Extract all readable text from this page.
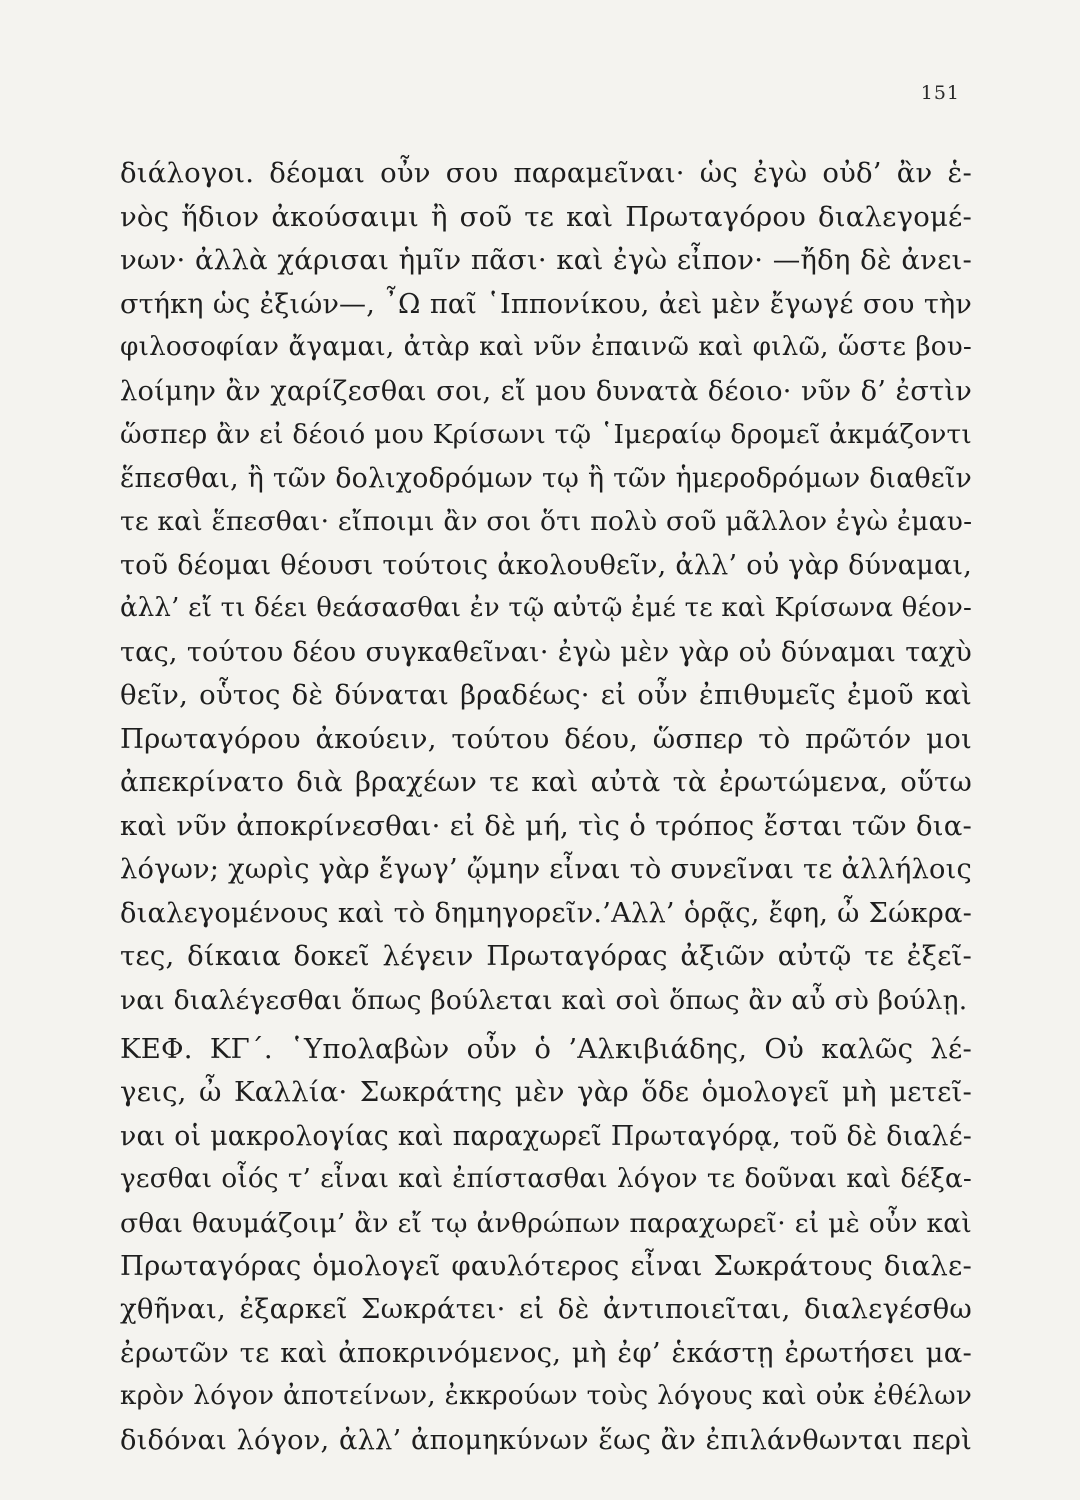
151
διάλογοι. δέομαι οὖν σου παραμεῖναι· ὡς ἐγὼ οὐδ’ ἂν ἑ-
νὸς ἥδιον ἀκούσαιμι ἢ σοῦ τε καὶ Πρωταγόρου διαλεγομέ-
νων· ἀλλὰ χάρισαι ἡμῖν πᾶσι· καὶ ἐγὼ εἶπον· —ἤδη δὲ ἀνει-
στήκη ὡς ἐξιών—, ῏Ω παῖ ῾Ιππονίκου, ἀεὶ μὲν ἔγωγέ σου τὴν
φιλοσοφίαν ἄγαμαι, ἀτὰρ καὶ νῦν ἐπαινῶ καὶ φιλῶ, ὥστε βου-
λοίμην ἂν χαρίζεσθαι σοι, εἴ μου δυνατὰ δέοιο· νῦν δ’ ἐστὶν
ὥσπερ ἂν εἰ δέοιό μου Κρίσωνι τῷ ῾Ιμεραίῳ δρομεῖ ἀκμάζοντι
ἕπεσθαι, ἢ τῶν δολιχοδρόμων τῳ ἢ τῶν ἡμεροδρόμων διαθεῖν
τε καὶ ἕπεσθαι· εἴποιμι ἂν σοι ὅτι πολὺ σοῦ μᾶλλον ἐγὼ ἐμαυ-
τοῦ δέομαι θέουσι τούτοις ἀκολουθεῖν, ἀλλ’ οὐ γὰρ δύναμαι,
ἀλλ’ εἴ τι δέει θεάσασθαι ἐν τῷ αὐτῷ ἐμέ τε καὶ Κρίσωνα θέον-
τας, τούτου δέου συγκαθεῖναι· ἐγὼ μὲν γὰρ οὐ δύναμαι ταχὺ
θεῖν, οὗτος δὲ δύναται βραδέως· εἰ οὖν ἐπιθυμεῖς ἐμοῦ καὶ
Πρωταγόρου ἀκούειν, τούτου δέου, ὥσπερ τὸ πρῶτόν μοι
ἀπεκρίνατο διὰ βραχέων τε καὶ αὐτὰ τὰ ἐρωτώμενα, οὕτω
καὶ νῦν ἀποκρίνεσθαι· εἰ δὲ μή, τὶς ὁ τρόπος ἔσται τῶν δια-
λόγων; χωρὶς γὰρ ἔγωγ’ ᾤμην εἶναι τὸ συνεῖναι τε ἀλλήλοις
διαλεγομένους καὶ τὸ δημηγορεῖν.’Αλλ’ ὁρᾷς, ἔφη, ὦ Σώκρα-
τες, δίκαια δοκεῖ λέγειν Πρωταγόρας ἀξιῶν αὐτῷ τε ἐξεῖ-
ναι διαλέγεσθαι ὅπως βούλεται καὶ σοὶ ὅπως ἂν αὖ σὺ βούλῃ.
ΚΕΦ. ΚΓ΄. ῾Υπολαβὼν οὖν ὁ ’Αλκιβιάδης, Οὐ καλῶς λέ-
γεις, ὦ Καλλία· Σωκράτης μὲν γὰρ ὅδε ὁμολογεῖ μὴ μετεῖ-
ναι οἱ μακρολογίας καὶ παραχωρεῖ Πρωταγόρᾳ, τοῦ δὲ διαλέ-
γεσθαι οἷός τ’ εἶναι καὶ ἐπίστασθαι λόγον τε δοῦναι καὶ δέξα-
σθαι θαυμάζοιμ’ ἂν εἴ τῳ ἀνθρώπων παραχωρεῖ· εἰ μὲ οὖν καὶ
Πρωταγόρας ὁμολογεῖ φαυλότερος εἶναι Σωκράτους διαλε-
χθῆναι, ἐξαρκεῖ Σωκράτει· εἰ δὲ ἀντιποιεῖται, διαλεγέσθω
ἐρωτῶν τε καὶ ἀποκρινόμενος, μὴ ἐφ’ ἑκάστῃ ἐρωτήσει μα-
κρὸν λόγον ἀποτείνων, ἐκκρούων τοὺς λόγους καὶ οὐκ ἐθέλων
διδόναι λόγον, ἀλλ’ ἀπομηκύνων ἕως ἂν ἐπιλάνθωνται περὶ
